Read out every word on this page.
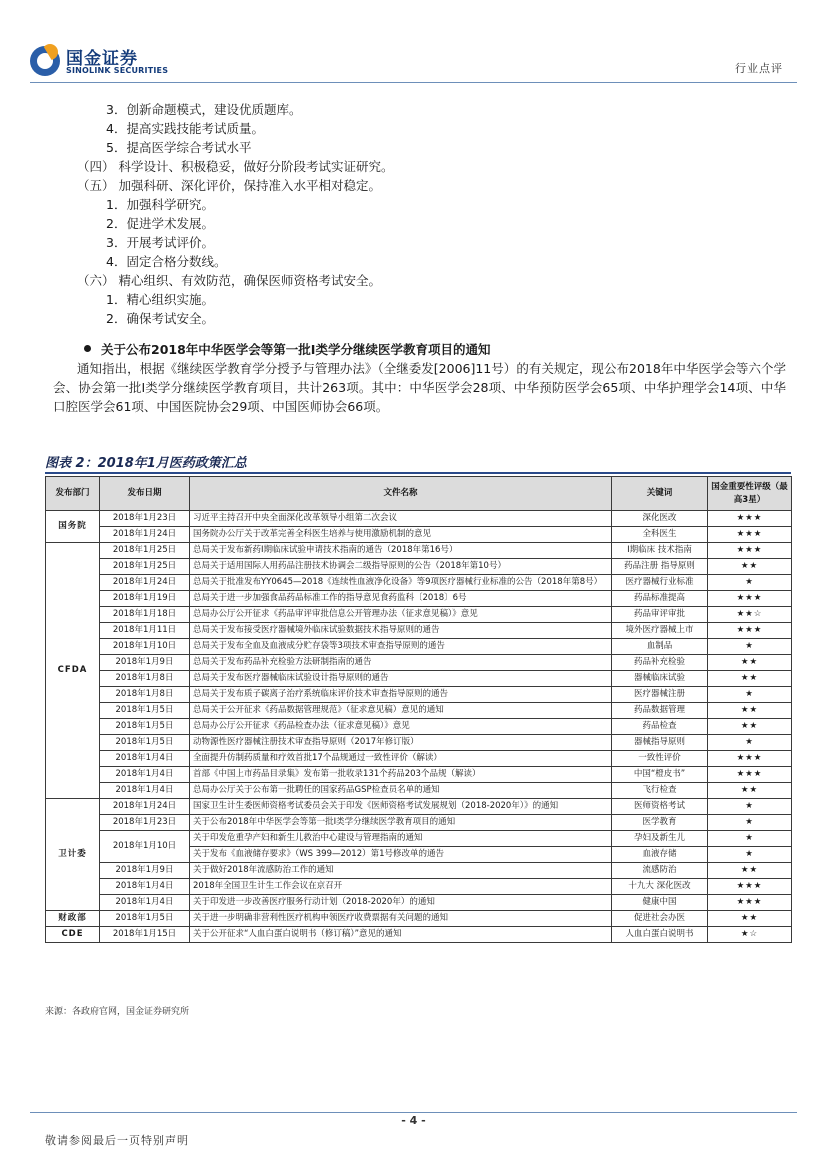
国金证券
SINOLINK SECURITIES	行业点评
3．创新命题模式，建设优质题库。
4．提高实践技能考试质量。
5．提高医学综合考试水平
（四） 科学设计、积极稳妥，做好分阶段考试实证研究。
（五） 加强科研、深化评价，保持准入水平相对稳定。
1．加强科学研究。
2．促进学术发展。
3．开展考试评价。
4．固定合格分数线。
（六） 精心组织、有效防范，确保医师资格考试安全。
1．精心组织实施。
2．确保考试安全。
关于公布2018年中华医学会等第一批Ⅰ类学分继续医学教育项目的通知
通知指出，根据《继续医学教育学分授予与管理办法》（全继委发[2006]11号）的有关规定，现公布2018年中华医学会等六个学会、协会第一批Ⅰ类学分继续医学教育项目，共计263项。其中：中华医学会28项、中华预防医学会65项、中华护理学会14项、中华口腔医学会61项、中国医院协会29项、中国医师协会66项。
图表 2：2018年1月医药政策汇总
发布部门	发布日期	文件名称	关键词	国金重要性评级（最高3星）
国务院	2018年1月23日	习近平主持召开中央全面深化改革领导小组第二次会议	深化医改	★★★
	2018年1月24日	国务院办公厅关于改革完善全科医生培养与使用激励机制的意见	全科医生	★★★
CFDA	2018年1月25日	总局关于发布新药Ⅰ期临床试验申请技术指南的通告（2018年第16号）	Ⅰ期临床 技术指南	★★★
	2018年1月25日	总局关于适用国际人用药品注册技术协调会二级指导原则的公告（2018年第10号）	药品注册 指导原则	★★
	2018年1月24日	总局关于批准发布YY0645—2018《连续性血液净化设备》等9项医疗器械行业标准的公告（2018年第8号）	医疗器械行业标准	★
	2018年1月19日	总局关于进一步加强食品药品标准工作的指导意见食药监科〔2018〕6号	药品标准提高	★★★
	2018年1月18日	总局办公厅公开征求《药品审评审批信息公开管理办法（征求意见稿）》意见	药品审评审批	★★☆
	2018年1月11日	总局关于发布接受医疗器械境外临床试验数据技术指导原则的通告	境外医疗器械上市	★★★
	2018年1月10日	总局关于发布全血及血液成分贮存袋等3项技术审查指导原则的通告	血制品	★
	2018年1月9日	总局关于发布药品补充检验方法研制指南的通告	药品补充检验	★★
	2018年1月8日	总局关于发布医疗器械临床试验设计指导原则的通告	器械临床试验	★★
	2018年1月8日	总局关于发布质子碳离子治疗系统临床评价技术审查指导原则的通告	医疗器械注册	★
	2018年1月5日	总局关于公开征求《药品数据管理规范》（征求意见稿）意见的通知	药品数据管理	★★
	2018年1月5日	总局办公厅公开征求《药品检查办法（征求意见稿）》意见	药品检查	★★
	2018年1月5日	动物源性医疗器械注册技术审查指导原则（2017年修订版）	器械指导原则	★
	2018年1月4日	全面提升仿制药质量和疗效首批17个品规通过一致性评价（解读）	一致性评价	★★★
	2018年1月4日	首部《中国上市药品目录集》发布第一批收录131个药品203个品规（解读）	中国“橙皮书”	★★★
	2018年1月4日	总局办公厅关于公布第一批聘任的国家药品GSP检查员名单的通知	飞行检查	★★
卫计委	2018年1月24日	国家卫生计生委医师资格考试委员会关于印发《医师资格考试发展规划（2018-2020年）》的通知	医师资格考试	★
	2018年1月23日	关于公布2018年中华医学会等第一批Ⅰ类学分继续医学教育项目的通知	医学教育	★
	2018年1月10日	关于印发危重孕产妇和新生儿救治中心建设与管理指南的通知	孕妇及新生儿	★
		关于发布《血液储存要求》（WS 399—2012）第1号修改单的通告	血液存储	★
	2018年1月9日	关于做好2018年流感防治工作的通知	流感防治	★★
	2018年1月4日	2018年全国卫生计生工作会议在京召开	十九大 深化医改	★★★
	2018年1月4日	关于印发进一步改善医疗服务行动计划（2018-2020年）的通知	健康中国	★★★
财政部	2018年1月5日	关于进一步明确非营利性医疗机构申领医疗收费票据有关问题的通知	促进社会办医	★★
CDE	2018年1月15日	关于公开征求“人血白蛋白说明书（修订稿）”意见的通知	人血白蛋白说明书	★☆
来源：各政府官网，国金证券研究所
- 4 -
敬请参阅最后一页特别声明
